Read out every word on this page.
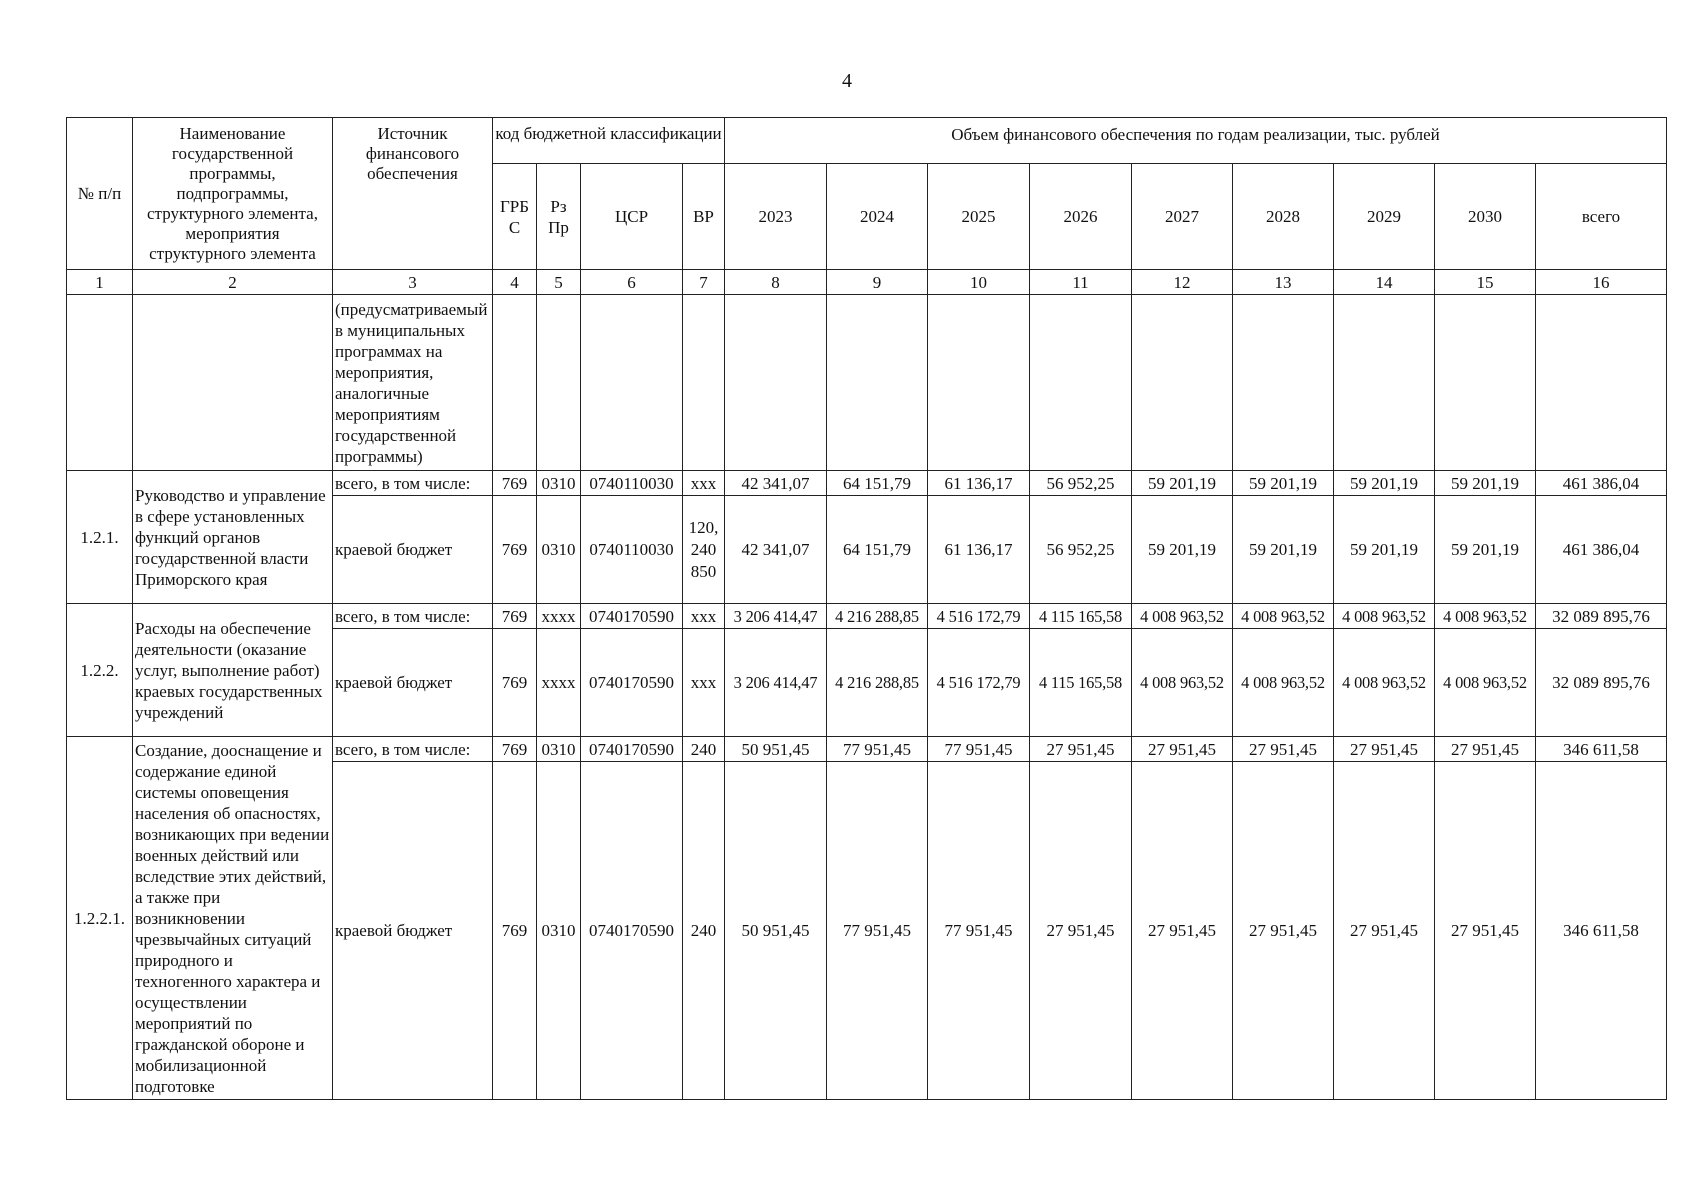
4
№ п/п	Наименование государственной программы, подпрограммы, структурного элемента, мероприятия структурного элемента	Источник финансового обеспечения	код бюджетной классификации				Объем финансового обеспечения по годам реализации, тыс. рублей								
			ГРБ С	Рз Пр	ЦСР	ВР	2023	2024	2025	2026	2027	2028	2029	2030	всего
1	2	3	4	5	6	7	8	9	10	11	12	13	14	15	16
		(предусматриваемый в муниципальных программах на мероприятия, аналогичные мероприятиям государственной программы)													
1.2.1.	Руководство и управление в сфере установленных функций органов государственной власти Приморского края	всего, в том числе:	769	0310	0740110030	ххх	42 341,07	64 151,79	61 136,17	56 952,25	59 201,19	59 201,19	59 201,19	59 201,19	461 386,04
		краевой бюджет	769	0310	0740110030	120, 240 850	42 341,07	64 151,79	61 136,17	56 952,25	59 201,19	59 201,19	59 201,19	59 201,19	461 386,04
1.2.2.	Расходы на обеспечение деятельности (оказание услуг, выполнение работ) краевых государственных учреждений	всего, в том числе:	769	хххх	0740170590	ххх	3 206 414,47	4 216 288,85	4 516 172,79	4 115 165,58	4 008 963,52	4 008 963,52	4 008 963,52	4 008 963,52	32 089 895,76
		краевой бюджет	769	хххх	0740170590	ххх	3 206 414,47	4 216 288,85	4 516 172,79	4 115 165,58	4 008 963,52	4 008 963,52	4 008 963,52	4 008 963,52	32 089 895,76
1.2.2.1.	Создание, дооснащение и содержание единой системы оповещения населения об опасностях, возникающих при ведении военных действий или вследствие этих действий, а также при возникновении чрезвычайных ситуаций природного и техногенного характера и осуществлении мероприятий по гражданской обороне и мобилизационной подготовке	всего, в том числе:	769	0310	0740170590	240	50 951,45	77 951,45	77 951,45	27 951,45	27 951,45	27 951,45	27 951,45	27 951,45	346 611,58
		краевой бюджет	769	0310	0740170590	240	50 951,45	77 951,45	77 951,45	27 951,45	27 951,45	27 951,45	27 951,45	27 951,45	346 611,58
